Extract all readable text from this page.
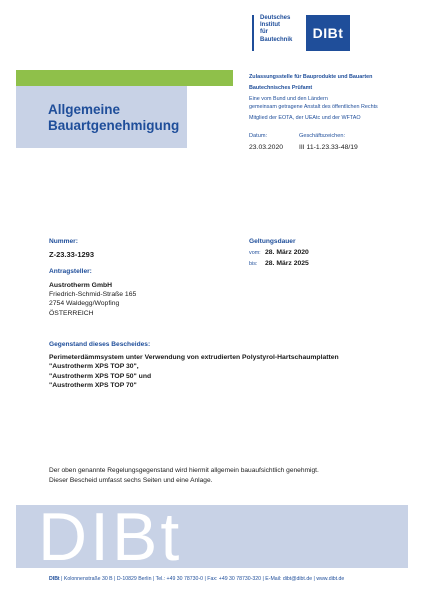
Deutsches
Institut
für
Bautechnik	DIBt
Allgemeine
Bauartgenehmigung
Zulassungsstelle für Bauprodukte und Bauarten
Bautechnisches Prüfamt
Eine vom Bund und den Ländern
gemeinsam getragene Anstalt des öffentlichen Rechts
Mitglied der EOTA, der UEAtc und der WFTAO
Datum:
23.03.2020
Geschäftszeichen:
III 11-1.23.33-48/19
Nummer:
Z-23.33-1293
Geltungsdauer
vom: 28. März 2020
bis: 28. März 2025
Antragsteller:
Austrotherm GmbH
Friedrich-Schmid-Straße 165
2754 Waldegg/Wopfing
ÖSTERREICH
Gegenstand dieses Bescheides:
Perimeterdämmsystem unter Verwendung von extrudierten Polystyrol-Hartschaumplatten
"Austrotherm XPS TOP 30",
"Austrotherm XPS TOP 50" und
"Austrotherm XPS TOP 70"
Der oben genannte Regelungsgegenstand wird hiermit allgemein bauaufsichtlich genehmigt.
Dieser Bescheid umfasst sechs Seiten und eine Anlage.
DIBt
DIBt | Kolonnenstraße 30 B | D-10829 Berlin | Tel.: +49 30 78730-0 | Fax: +49 30 78730-320 | E-Mail: dibt@dibt.de | www.dibt.de
